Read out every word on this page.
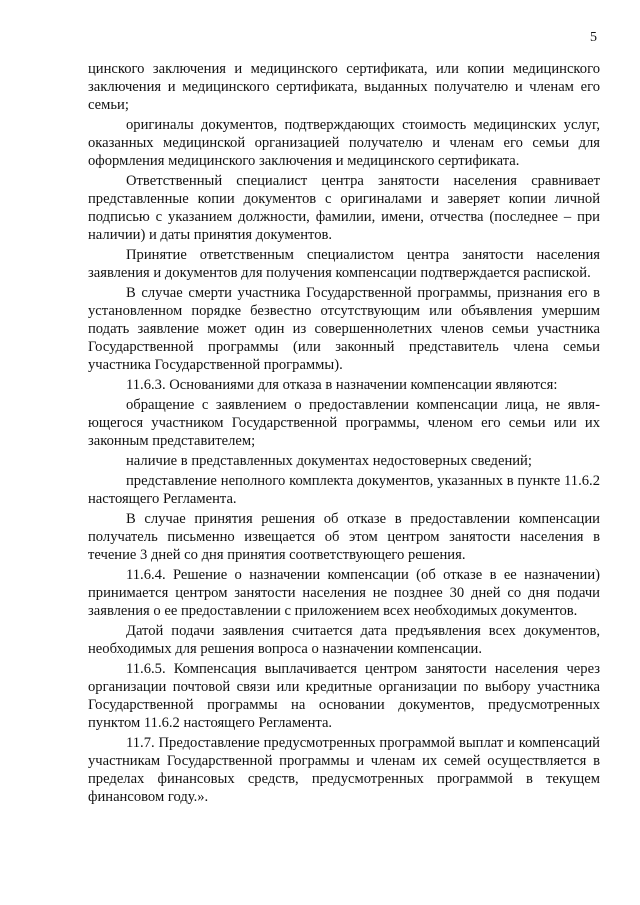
5

цинского заключения и медицинского сертификата, или копии медицинского заключения и медицинского сертификата, выданных получателю и членам его семьи;

оригиналы документов, подтверждающих стоимость медицинских услуг, оказанных медицинской организацией получателю и членам его семьи для оформления медицинского заключения и медицинского сертификата.

Ответственный специалист центра занятости населения сравнивает представленные копии документов с оригиналами и заверяет копии личной подписью с указанием должности, фамилии, имени, отчества (последнее – при наличии) и даты принятия документов.

Принятие ответственным специалистом центра занятости населения заявления и документов для получения компенсации подтверждается распиской.

В случае смерти участника Государственной программы, признания его в установленном порядке безвестно отсутствующим или объявления умершим подать заявление может один из совершеннолетних членов семьи участника Государственной программы (или законный представитель члена семьи участника Государственной программы).

11.6.3. Основаниями для отказа в назначении компенсации являются:

обращение с заявлением о предоставлении компенсации лица, не являющегося участником Государственной программы, членом его семьи или их законным представителем;

наличие в представленных документах недостоверных сведений;

представление неполного комплекта документов, указанных в пункте 11.6.2 настоящего Регламента.

В случае принятия решения об отказе в предоставлении компенсации получатель письменно извещается об этом центром занятости населения в течение 3 дней со дня принятия соответствующего решения.

11.6.4. Решение о назначении компенсации (об отказе в ее назначении) принимается центром занятости населения не позднее 30 дней со дня подачи заявления о ее предоставлении с приложением всех необходимых документов.

Датой подачи заявления считается дата предъявления всех документов, необходимых для решения вопроса о назначении компенсации.

11.6.5. Компенсация выплачивается центром занятости населения через организации почтовой связи или кредитные организации по выбору участника Государственной программы на основании документов, предусмотренных пунктом 11.6.2 настоящего Регламента.

11.7. Предоставление предусмотренных программой выплат и компенсаций участникам Государственной программы и членам их семей осуществляется в пределах финансовых средств, предусмотренных программой в текущем финансовом году.».
